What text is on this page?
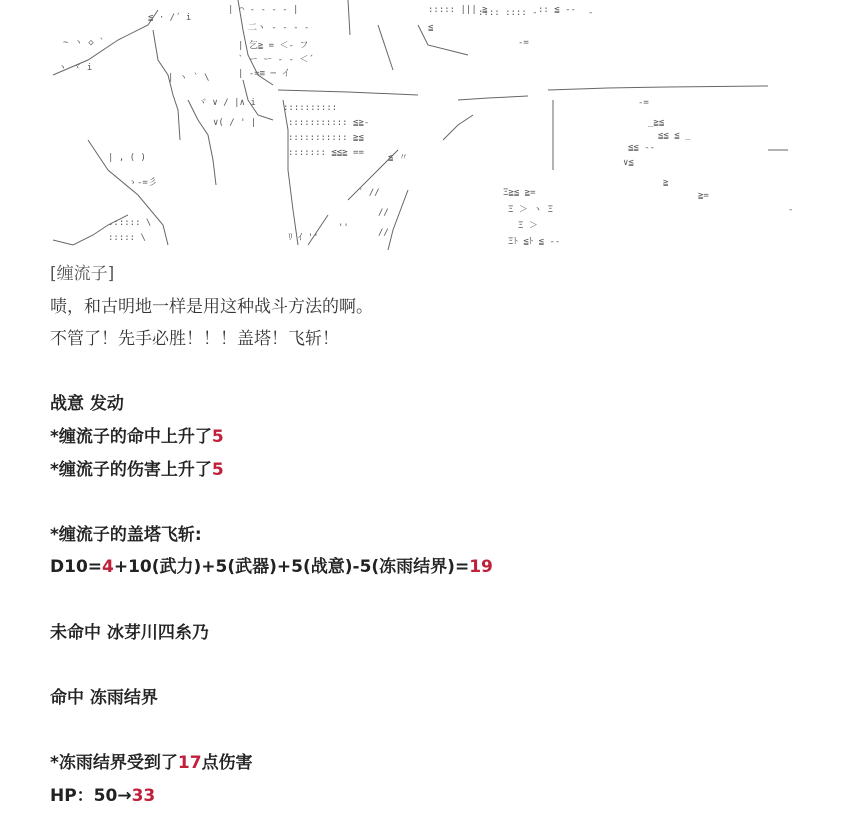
≦ · /´ i
| ⌒ ‐ ‐ ‐ ‐ |
二ヽ ‐ ‐ ‐ ‐
| 乞≧ = ＜- フ
` ー ー ‐ ‐ ＜´
| -=≡ ─ イ
~ ヽ ◇ `
ヽ ヾ i
| ヽ ` \
ヾ ∨ / |∧ i
∨( / ' |
::::::::::
::::::::::: ≦≧‐
::::::::::: ≧≦
::::::: ≦≦≧ ==
| , ( )
ゝ-=彡
.::::: \
::::: \
::::: ||| ≧
≦
:::: :::: - :: ≦ --
-=
-
-=
_≧≦
≦≦ ≦ _
≦≦ --
∨≦
≧
Ξ≧≦ ≧=
Ξ ＞ ヽ Ξ
Ξ ＞
Ξﾄ ≦ﾄ ≦ --
≧=
-
′ //
//
//
ﾘ ｲ ''
''
≦ 〃
[缠流子]
啧，和古明地一样是用这种战斗方法的啊。
不管了！先手必胜！！！盖塔！飞斩！
战意 发动
*缠流子的命中上升了5
*缠流子的伤害上升了5
*缠流子的盖塔飞斩:
D10=4+10(武力)+5(武器)+5(战意)-5(冻雨结界)=19
未命中 冰芽川四糸乃
命中 冻雨结界
*冻雨结界受到了17点伤害
HP：50→33
